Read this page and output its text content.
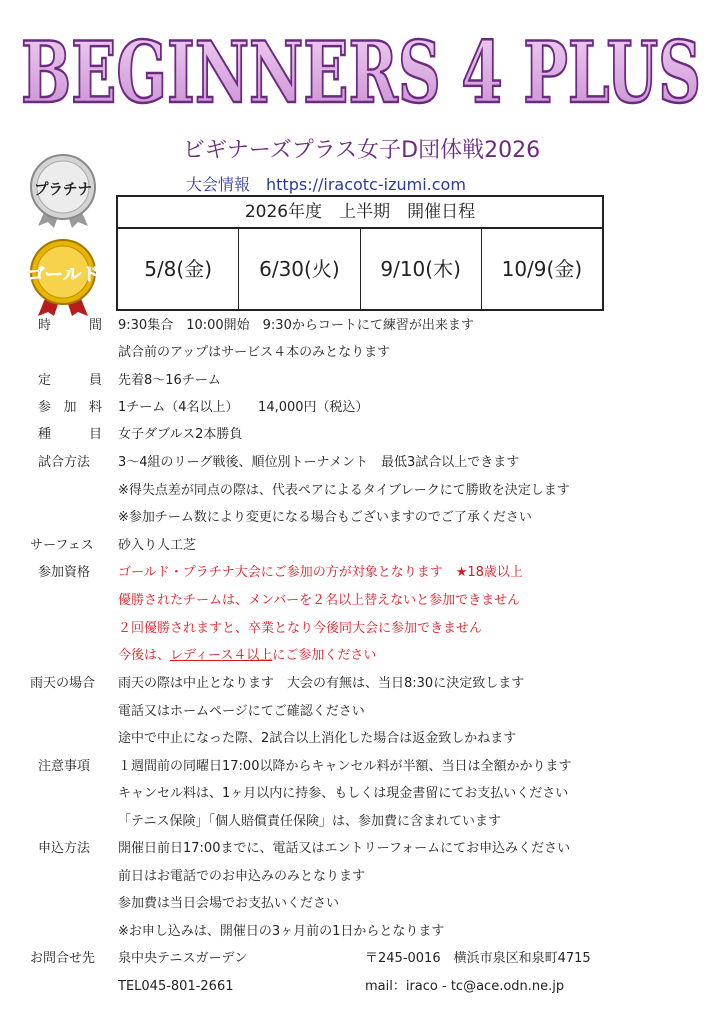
BEGINNERS 4 PLUS
ビギナーズプラス女子D団体戦2026
大会情報 https://iracotc-izumi.com
プラチナ
ゴールド
2026年度　上半期　開催日程
5/8(金)	6/30(火)	9/10(木)	10/9(金)
時　間 9:30集合　10:00開始　9:30からコートにて練習が出来ます
試合前のアップはサービス４本のみとなります
定　員 先着8～16チーム
参加料 1チーム（4名以上）　　14,000円（税込）
種　目 女子ダブルス2本勝負
試合方法	3～4組のリーグ戦後、順位別トーナメント　最低3試合以上できます
※得失点差が同点の際は、代表ペアによるタイブレークにて勝敗を決定します
※参加チーム数により変更になる場合もございますのでご了承ください
サーフェス	砂入り人工芝
参加資格	ゴールド・プラチナ大会にご参加の方が対象となります　★18歳以上
優勝されたチームは、メンバーを２名以上替えないと参加できません
２回優勝されますと、卒業となり今後同大会に参加できません
今後は、レディース４以上にご参加ください
雨天の場合	雨天の際は中止となります　大会の有無は、当日8:30に決定致します
電話又はホームページにてご確認ください
途中で中止になった際、2試合以上消化した場合は返金致しかねます
注意事項	１週間前の同曜日17:00以降からキャンセル料が半額、当日は全額かかります
キャンセル料は、1ヶ月以内に持参、もしくは現金書留にてお支払いください
「テニス保険」「個人賠償責任保険」は、参加費に含まれています
申込方法	開催日前日17:00までに、電話又はエントリーフォームにてお申込みください
前日はお電話でのお申込みのみとなります
参加費は当日会場でお支払いください
※お申し込みは、開催日の3ヶ月前の1日からとなります
お問合せ先	泉中央テニスガーデン	〒245-0016　横浜市泉区和泉町4715
TEL045-801-2661	mail：iraco - tc@ace.odn.ne.jp
